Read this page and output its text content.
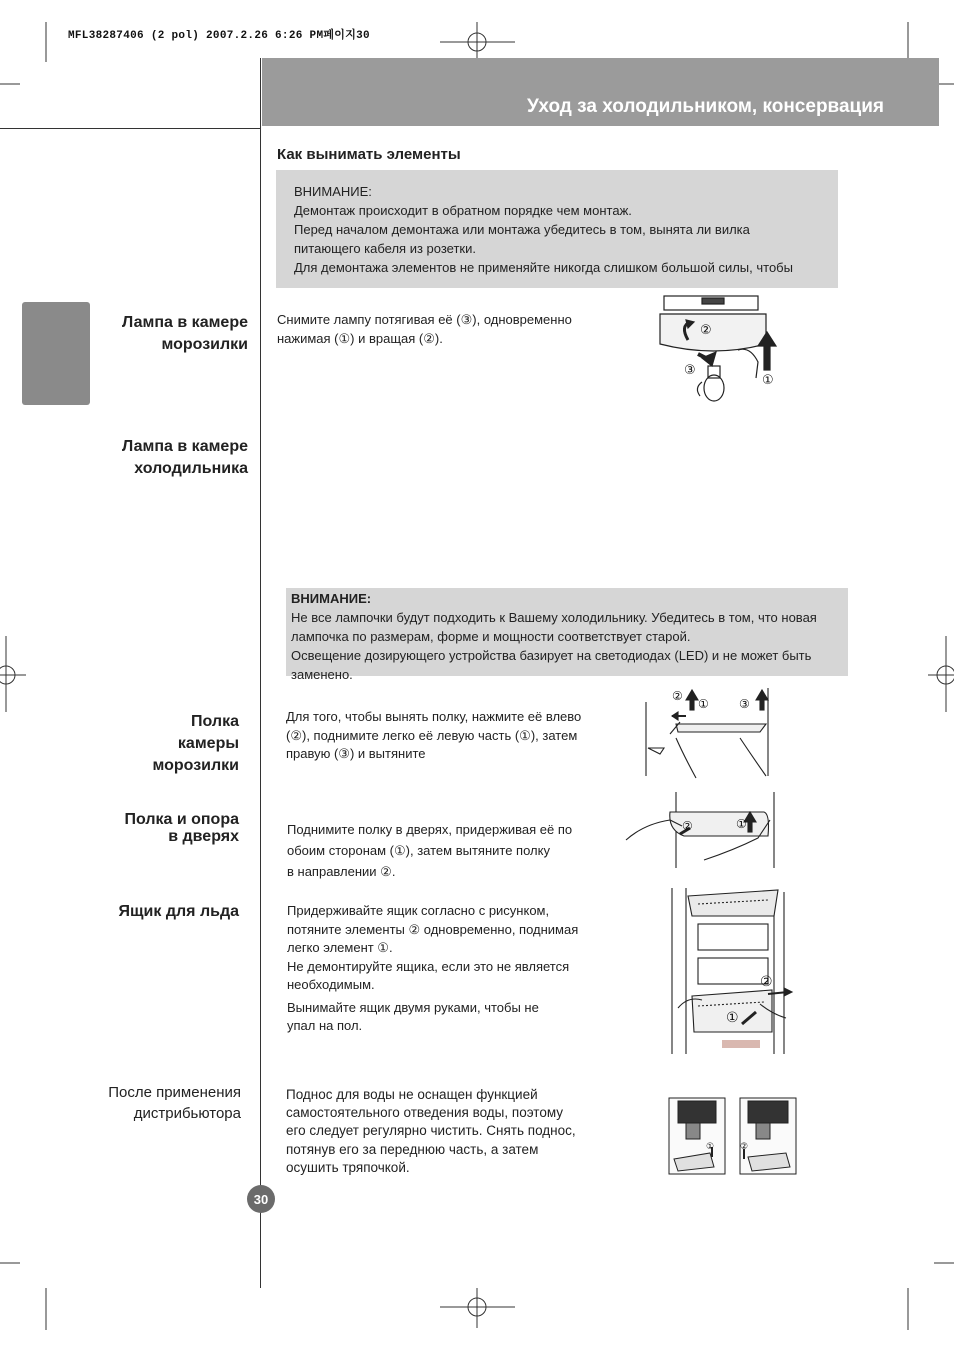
MFL38287406 (2 pol) 2007.2.26 6:26 PM페이지30
Уход за холодильником, консервация
Как вынимать элементы
ВНИМАНИЕ:
Демонтаж происходит в обратном порядке чем монтаж.
Перед началом демонтажа или монтажа убедитесь в том, вынята ли вилка
питающего кабеля из розетки.
Для демонтажа элементов не применяйте никогда слишком большой силы, чтобы
Лампа в камере
морозилки
Снимите лампу потягивая её (③), одновременно
нажимая (①) и вращая (②).	②
③
①
Лампа в камере
холодильника
ВНИМАНИЕ:
Не все лампочки будут подходить к Вашему холодильнику. Убедитесь в том, что новая
лампочка по размерам, форме и мощности соответствует старой.
Освещение дозирующего устройства базирует на светодиодах (LED) и не может быть
заменено.
Полка
камеры
морозилки
Для того, чтобы вынять полку, нажмите её влево
(②), поднимите легко её левую часть (①), затем
правую (③) и вытяните
②
①	③
Полка и опора
в дверях	Поднимите полку в дверях, придерживая её по
обоим сторонам (①), затем вытяните полку
в направлении ②.
②	①
Ящик для льда	Придерживайте ящик согласно с рисунком,
потяните элементы ② одновременно, поднимая
легко элемент ①.
Не демонтируйте ящика, если это не является
необходимым.
Вынимайте ящик двумя руками, чтобы не
упал на пол.
②
①
После применения
дистрибьютора
Поднос для воды не оснащен функцией
самостоятельного отведения воды, поэтому
его следует регулярно чистить. Снять поднос,
потянув его за переднюю часть, а затем
осушить тряпочкой.
①	②
30
